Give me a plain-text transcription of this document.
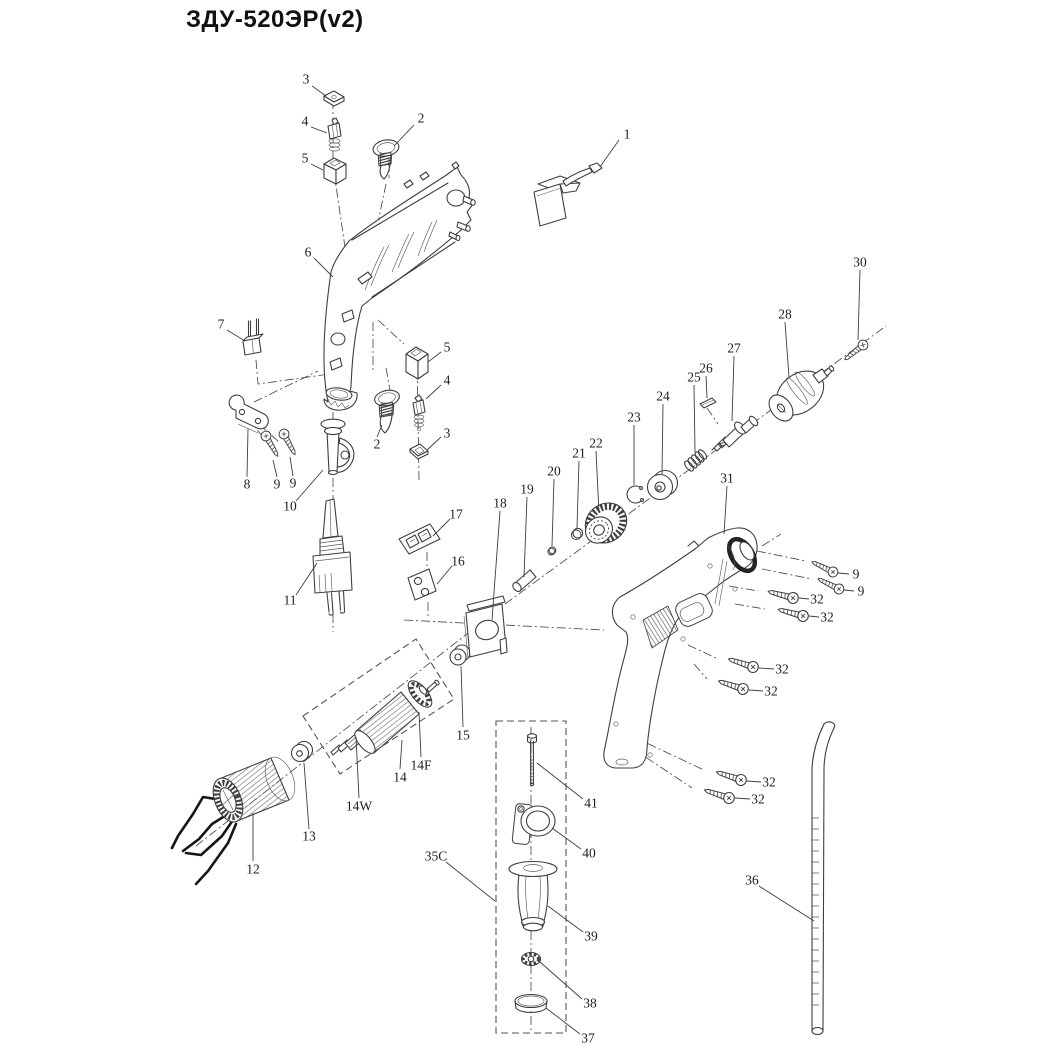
ЗДУ-520ЭР(v2)
1
2
3
4
5
6
7
8 9 9
10
11
2
3
4
5
12
13
14
14W
14F
15
16
17
18
19
20
21
22
23
24
25
26
27
28
30
31
9
9
32
32
32
32
32
32
36
35C
41
40
39
38
37
